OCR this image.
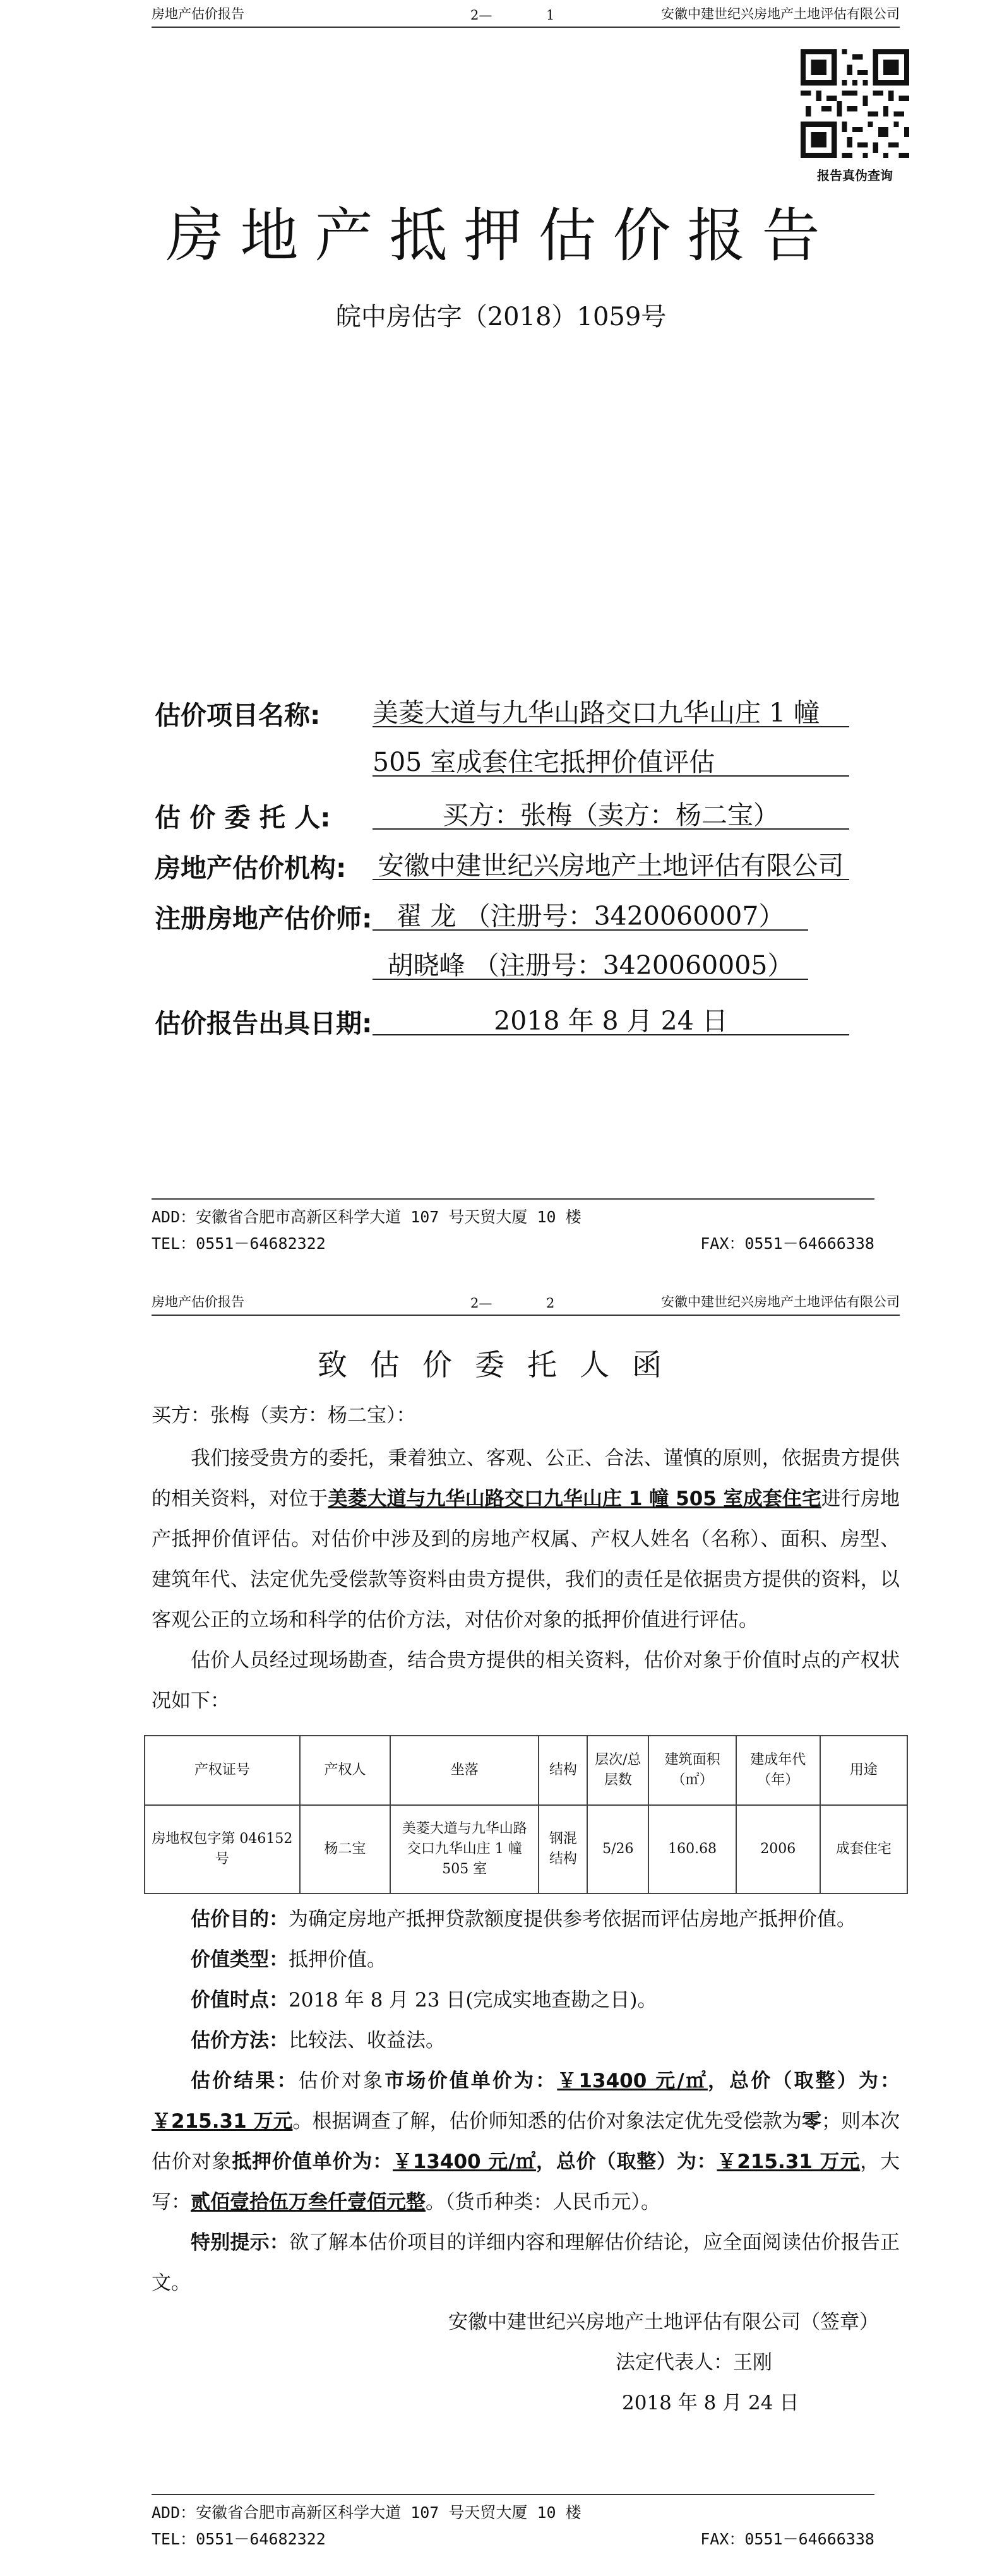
房地产估价报告	2—	1	安徽中建世纪兴房地产土地评估有限公司
报告真伪查询
房地产抵押估价报告
皖中房估字（2018）1059号
估价项目名称: 美菱大道与九华山路交口九华山庄 1 幢
505 室成套住宅抵押价值评估
估 价 委 托 人:	买方：张梅（卖方：杨二宝）
房地产估价机构: 安徽中建世纪兴房地产土地评估有限公司
注册房地产估价师: 翟 龙 （注册号：3420060007）
胡晓峰 （注册号：3420060005）
估价报告出具日期:	2018 年 8 月 24 日
ADD：安徽省合肥市高新区科学大道 107 号天贸大厦 10 楼
TEL：0551－64682322	FAX：0551－64666338
房地产估价报告	2—	2	安徽中建世纪兴房地产土地评估有限公司
致估价委托人函
买方：张梅（卖方：杨二宝）：
我们接受贵方的委托，秉着独立、客观、公正、合法、谨慎的原则，依据贵方提供的相关资料，对位于美菱大道与九华山路交口九华山庄 1 幢 505 室成套住宅进行房地产抵押价值评估。对估价中涉及到的房地产权属、产权人姓名（名称）、面积、房型、建筑年代、法定优先受偿款等资料由贵方提供，我们的责任是依据贵方提供的资料，以客观公正的立场和科学的估价方法，对估价对象的抵押价值进行评估。
估价人员经过现场勘查，结合贵方提供的相关资料，估价对象于价值时点的产权状况如下：
产权证号	产权人	坐落	结构	层次/总层数	建筑面积（㎡）	建成年代（年）	用途
房地权包字第 046152 号	杨二宝	美菱大道与九华山路交口九华山庄 1 幢 505 室	钢混结构	5/26	160.68	2006	成套住宅
估价目的：为确定房地产抵押贷款额度提供参考依据而评估房地产抵押价值。
价值类型：抵押价值。
价值时点：2018 年 8 月 23 日(完成实地查勘之日)。
估价方法：比较法、收益法。
估价结果：估价对象市场价值单价为：￥13400 元/㎡，总价（取整）为：￥215.31 万元。根据调查了解，估价师知悉的估价对象法定优先受偿款为零；则本次估价对象抵押价值单价为：￥13400 元/㎡，总价（取整）为：￥215.31 万元，大写：贰佰壹拾伍万叁仟壹佰元整。（货币种类：人民币元）。
特别提示：欲了解本估价项目的详细内容和理解估价结论，应全面阅读估价报告正文。
安徽中建世纪兴房地产土地评估有限公司（签章）
法定代表人：王刚
2018 年 8 月 24 日
ADD：安徽省合肥市高新区科学大道 107 号天贸大厦 10 楼
TEL：0551－64682322	FAX：0551－64666338
